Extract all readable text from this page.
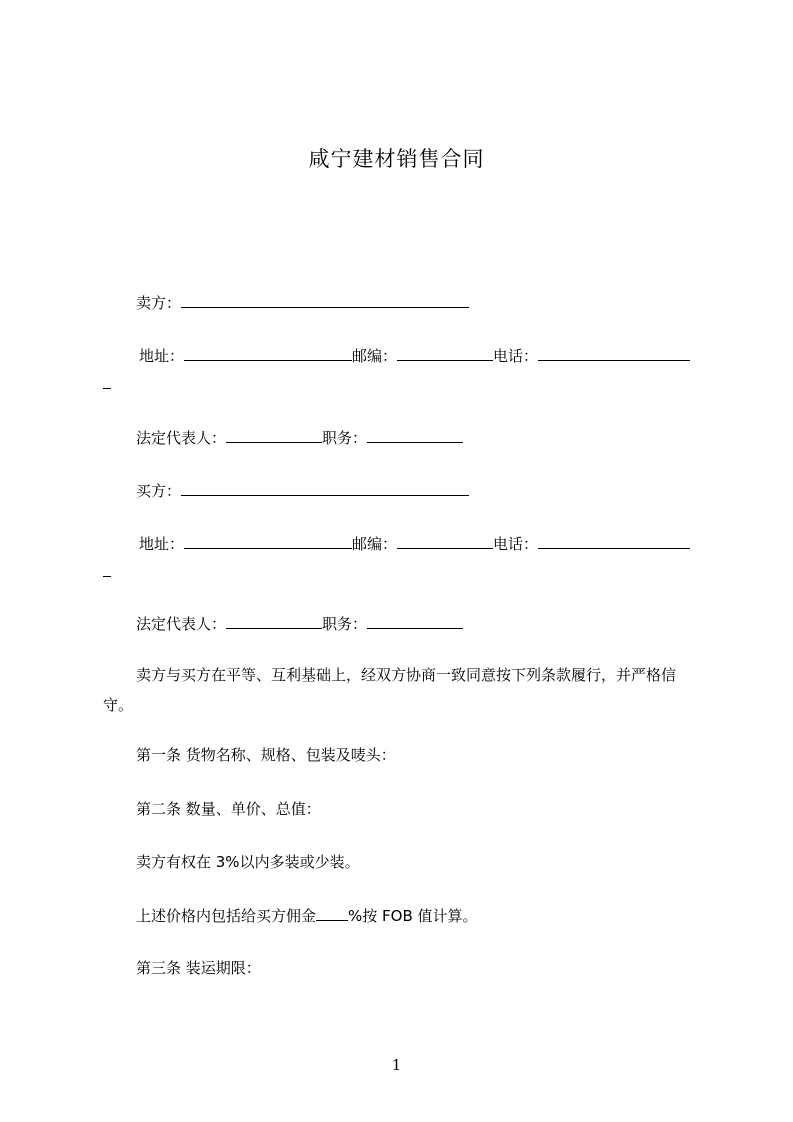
咸宁建材销售合同
卖方：
地址：	邮编：	电话：
法定代表人：	职务：
买方：
地址：	邮编：	电话：
法定代表人：	职务：
卖方与买方在平等、互利基础上，经双方协商一致同意按下列条款履行，并严格信守。
第一条 货物名称、规格、包装及唛头：
第二条 数量、单价、总值：
卖方有权在 3%以内多装或少装。
上述价格内包括给买方佣金 %按 FOB 值计算。
第三条 装运期限：
1
